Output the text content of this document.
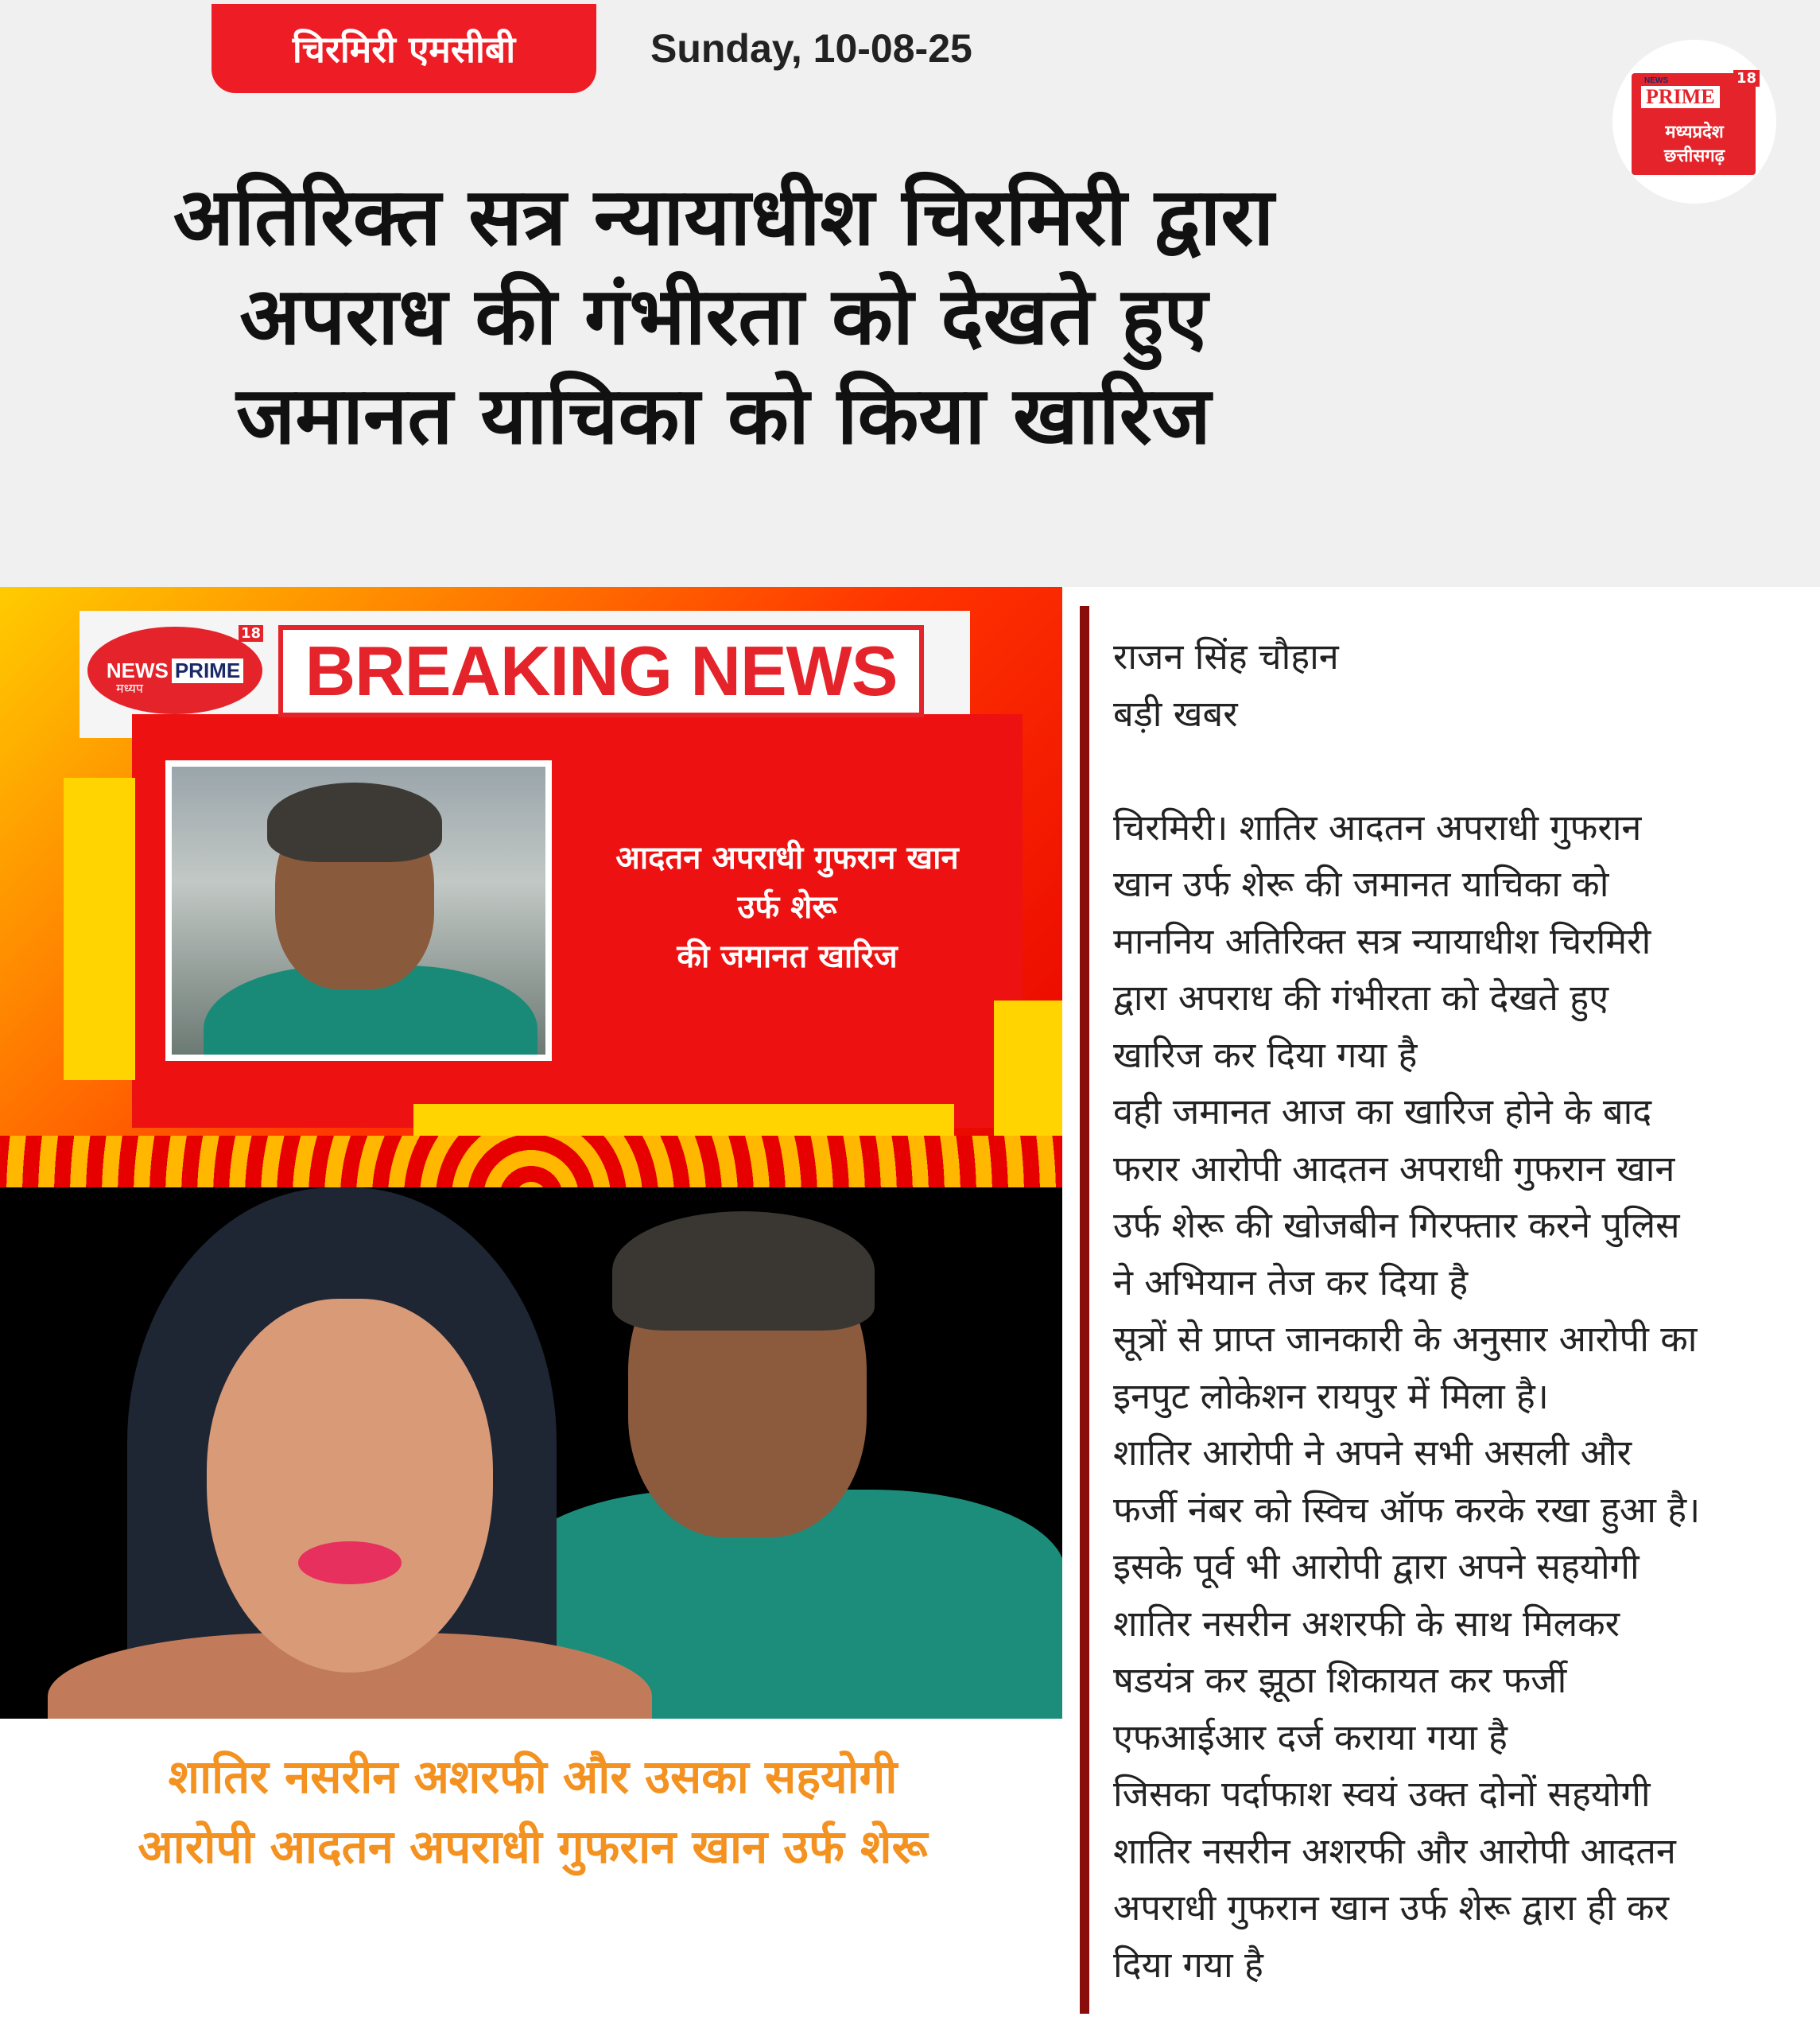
चिरमिरी एमसीबी	Sunday, 10-08-25
NEWS
PRIME
18
मध्यप्रदेश
छत्तीसगढ़
अतिरिक्त सत्र न्यायाधीश चिरमिरी द्वारा
अपराध की गंभीरता को देखते हुए
जमानत याचिका को किया खारिज
NEWS PRIME
18
मध्यप	BREAKING NEWS
आदतन अपराधी गुफरान खान
उर्फ शेरू
की जमानत खारिज
शातिर नसरीन अशरफी और उसका सहयोगी
आरोपी आदतन अपराधी गुफरान खान उर्फ शेरू
राजन सिंह चौहान
बड़ी खबर
चिरमिरी। शातिर आदतन अपराधी गुफरान
खान उर्फ शेरू की जमानत याचिका को
माननिय अतिरिक्त सत्र न्यायाधीश चिरमिरी
द्वारा अपराध की गंभीरता को देखते हुए
खारिज कर दिया गया है
वही जमानत आज का खारिज होने के बाद
फरार आरोपी आदतन अपराधी गुफरान खान
उर्फ शेरू की खोजबीन गिरफ्तार करने पुलिस
ने अभियान तेज कर दिया है
सूत्रों से प्राप्त जानकारी के अनुसार आरोपी का
इनपुट लोकेशन रायपुर में मिला है।
शातिर आरोपी ने अपने सभी असली और
फर्जी नंबर को स्विच ऑफ करके रखा हुआ है।
इसके पूर्व भी आरोपी द्वारा अपने सहयोगी
शातिर नसरीन अशरफी के साथ मिलकर
षडयंत्र कर झूठा शिकायत कर फर्जी
एफआईआर दर्ज कराया गया है
जिसका पर्दाफाश स्वयं उक्त दोनों सहयोगी
शातिर नसरीन अशरफी और आरोपी आदतन
अपराधी गुफरान खान उर्फ शेरू द्वारा ही कर
दिया गया है
